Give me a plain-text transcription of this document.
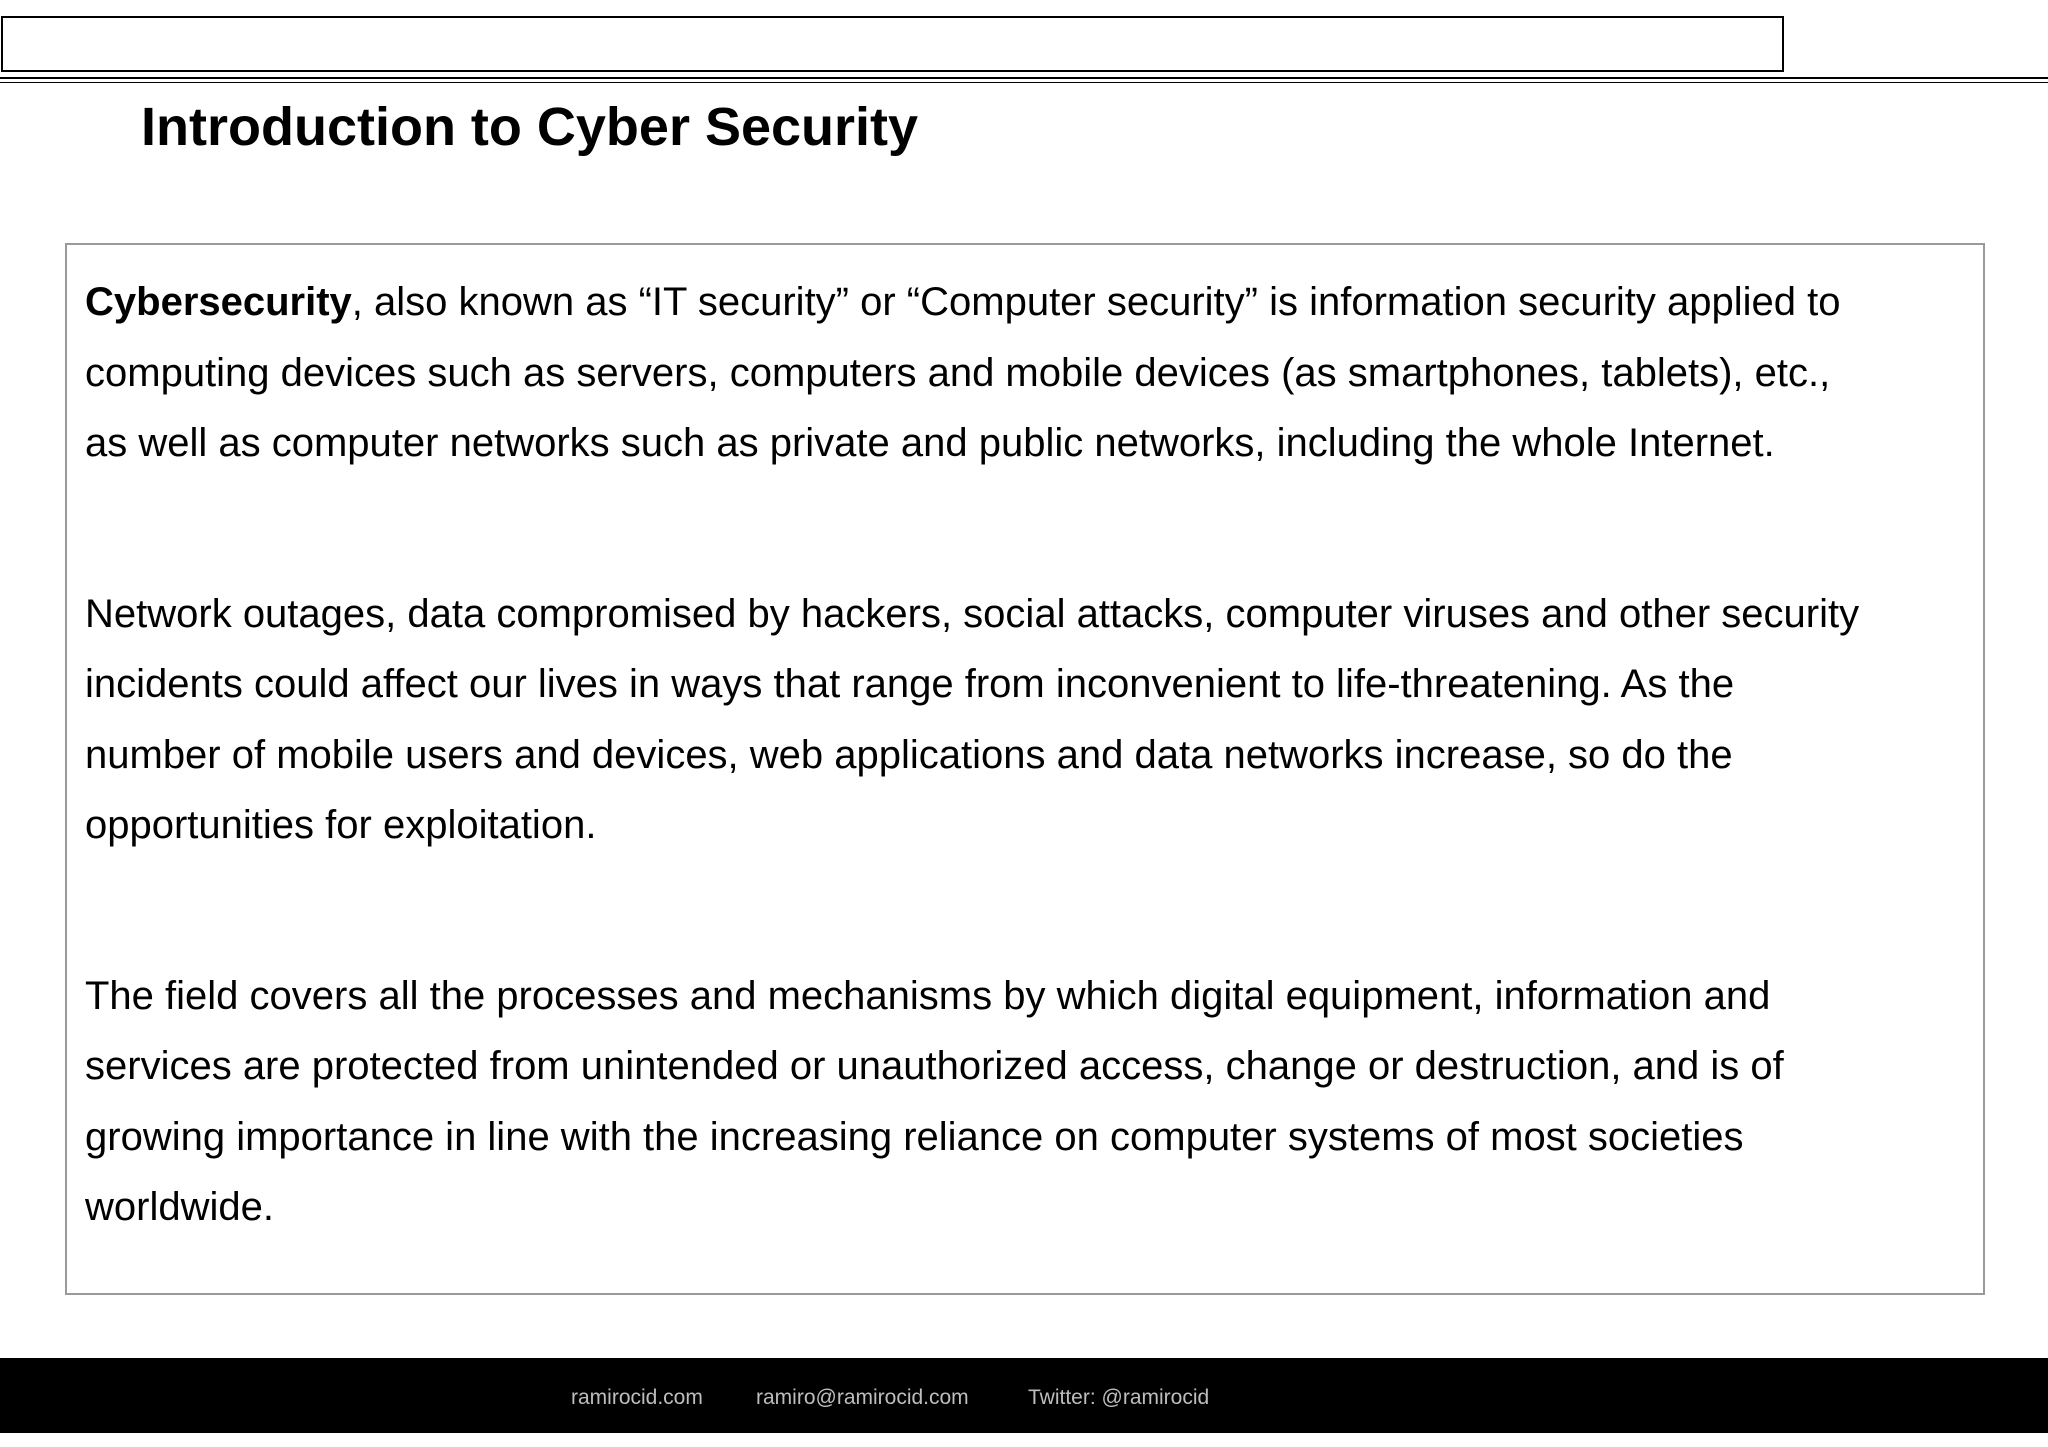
Introduction to Cyber Security

Cybersecurity, also known as “IT security” or “Computer security” is information security applied to
computing devices such as servers, computers and mobile devices (as smartphones, tablets), etc.,
as well as computer networks such as private and public networks, including the whole Internet.

Network outages, data compromised by hackers, social attacks, computer viruses and other security
incidents could affect our lives in ways that range from inconvenient to life-threatening. As the
number of mobile users and devices, web applications and data networks increase, so do the
opportunities for exploitation.

The field covers all the processes and mechanisms by which digital equipment, information and
services are protected from unintended or unauthorized access, change or destruction, and is of
growing importance in line with the increasing reliance on computer systems of most societies
worldwide.

ramirocid.com	ramiro@ramirocid.com	Twitter: @ramirocid
